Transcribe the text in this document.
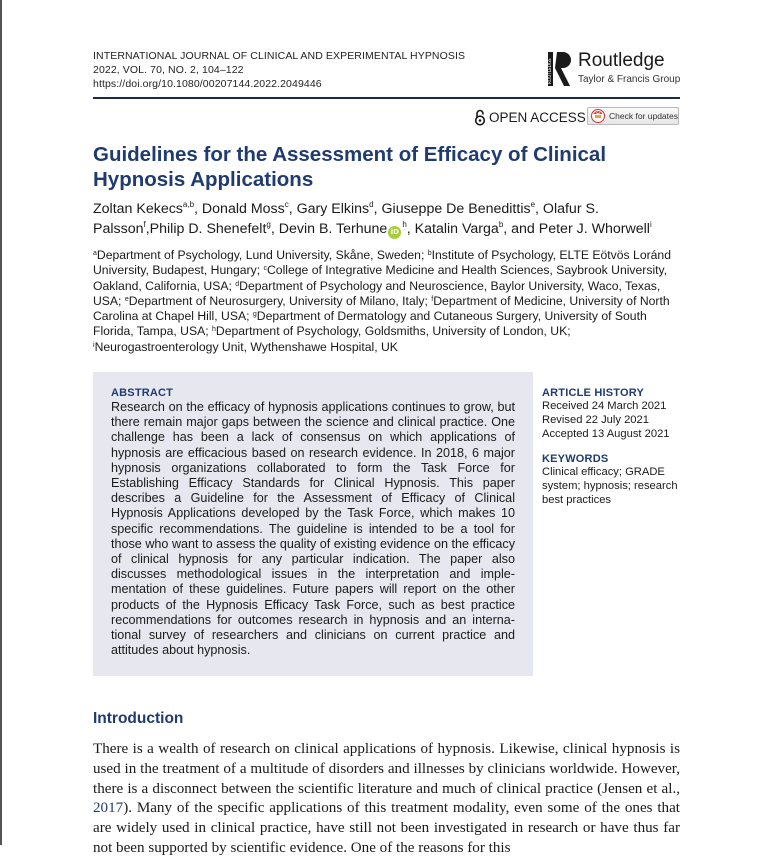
INTERNATIONAL JOURNAL OF CLINICAL AND EXPERIMENTAL HYPNOSIS
2022, VOL. 70, NO. 2, 104–122
https://doi.org/10.1080/00207144.2022.2049446	ROUTLEDGE Routledge
Taylor & Francis Group
OPEN ACCESS	Check for updates
Guidelines for the Assessment of Efficacy of Clinical Hypnosis Applications
Zoltan Kekecs$^{a,b}$, Donald Moss$^c$, Gary Elkins$^d$, Giuseppe De Benedittis$^e$, Olafur S. Palsson$^f$,Philip D. Shenefelt$^g$, Devin B. Terhune $iD^h$, Katalin Varga$^b$, and Peter J. Whorwell$^i$
$^a$Department of Psychology, Lund University, Skåne, Sweden; $^b$Institute of Psychology, ELTE Eötvös Loránd University, Budapest, Hungary; $^c$College of Integrative Medicine and Health Sciences, Saybrook University, Oakland, California, USA; $^d$Department of Psychology and Neuroscience, Baylor University, Waco, Texas, USA; $^e$Department of Neurosurgery, University of Milano, Italy; $^f$Department of Medicine, University of North Carolina at Chapel Hill, USA; $^g$Department of Dermatology and Cutaneous Surgery, University of South Florida, Tampa, USA; $^h$Department of Psychology, Goldsmiths, University of London, UK; $^i$Neurogastroenterology Unit, Wythenshawe Hospital, UK
ABSTRACT
Research on the efficacy of hypnosis applications continues to grow, but there remain major gaps between the science and clinical practice. One challenge has been a lack of consensus on which applications of hypnosis are efficacious based on research evidence. In 2018, 6 major hypnosis organizations collaborated to form the Task Force for Establishing Efficacy Standards for Clinical Hypnosis. This paper describes a Guideline for the Assessment of Efficacy of Clinical Hypnosis Applications developed by the Task Force, which makes 10 specific recommendations. The guideline is intended to be a tool for those who want to assess the quality of existing evidence on the efficacy of clinical hypnosis for any particular indication. The paper also discusses methodological issues in the interpretation and implementation of these guidelines. Future papers will report on the other products of the Hypnosis Efficacy Task Force, such as best practice recommendations for outcomes research in hypnosis and an international survey of researchers and clinicians on current practice and attitudes about hypnosis.
ARTICLE HISTORY
Received 24 March 2021
Revised 22 July 2021
Accepted 13 August 2021
KEYWORDS
Clinical efficacy; GRADE system; hypnosis; research best practices
Introduction
There is a wealth of research on clinical applications of hypnosis. Likewise, clinical hypnosis is used in the treatment of a multitude of disorders and illnesses by clinicians worldwide. However, there is a disconnect between the scientific literature and much of clinical practice (Jensen et al., 2017). Many of the specific applications of this treatment modality, even some of the ones that are widely used in clinical practice, have still not been investigated in research or have thus far not been supported by scientific evidence. One of the reasons for this
